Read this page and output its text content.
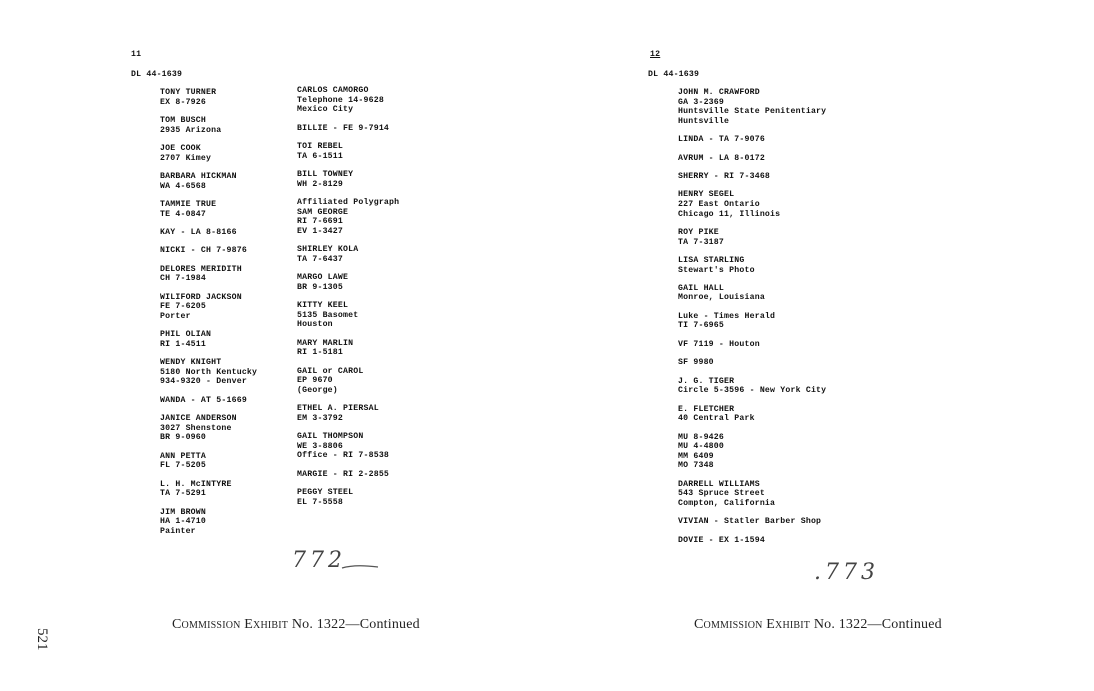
11
DL 44-1639
TONY TURNER
EX 8-7926
TOM BUSCH
2935 Arizona
JOE COOK
2707 Kimey
BARBARA HICKMAN
WA 4-6568
TAMMIE TRUE
TE 4-0847
KAY - LA 8-8166
NICKI - CH 7-9876
DELORES MERIDITH
CH 7-1984
WILIFORD JACKSON
FE 7-6205
Porter
PHIL OLIAN
RI 1-4511
WENDY KNIGHT
5180 North Kentucky
934-9320 - Denver
WANDA - AT 5-1669
JANICE ANDERSON
3027 Shenstone
BR 9-0960
ANN PETTA
FL 7-5205
L. H. McINTYRE
TA 7-5291
JIM BROWN
HA 1-4710
Painter
CARLOS CAMORGO
Telephone 14-9628
Mexico City
BILLIE - FE 9-7914
TOI REBEL
TA 6-1511
BILL TOWNEY
WH 2-8129
Affiliated Polygraph
SAM GEORGE
RI 7-6691
EV 1-3427
SHIRLEY KOLA
TA 7-6437
MARGO LAWE
BR 9-1305
KITTY KEEL
5135 Basomet
Houston
MARY MARLIN
RI 1-5181
GAIL or CAROL
EP 9670
(George)
ETHEL A. PIERSAL
EM 3-3792
GAIL THOMPSON
WE 3-8806
Office - RI 7-8538
MARGIE - RI 2-2855
PEGGY STEEL
EL 7-5558
772
Commission Exhibit No. 1322—Continued
12
DL 44-1639
JOHN M. CRAWFORD
GA 3-2369
Huntsville State Penitentiary
Huntsville
LINDA - TA 7-9076
AVRUM - LA 8-0172
SHERRY - RI 7-3468
HENRY SEGEL
227 East Ontario
Chicago 11, Illinois
ROY PIKE
TA 7-3187
LISA STARLING
Stewart's Photo
GAIL HALL
Monroe, Louisiana
Luke - Times Herald
TI 7-6965
VF 7119 - Houton
SF 9980
J. G. TIGER
Circle 5-3596 - New York City
E. FLETCHER
40 Central Park
MU 8-9426
MU 4-4800
MM 6409
MO 7348
DARRELL WILLIAMS
543 Spruce Street
Compton, California
VIVIAN - Statler Barber Shop
DOVIE - EX 1-1594
.773
Commission Exhibit No. 1322—Continued
521
